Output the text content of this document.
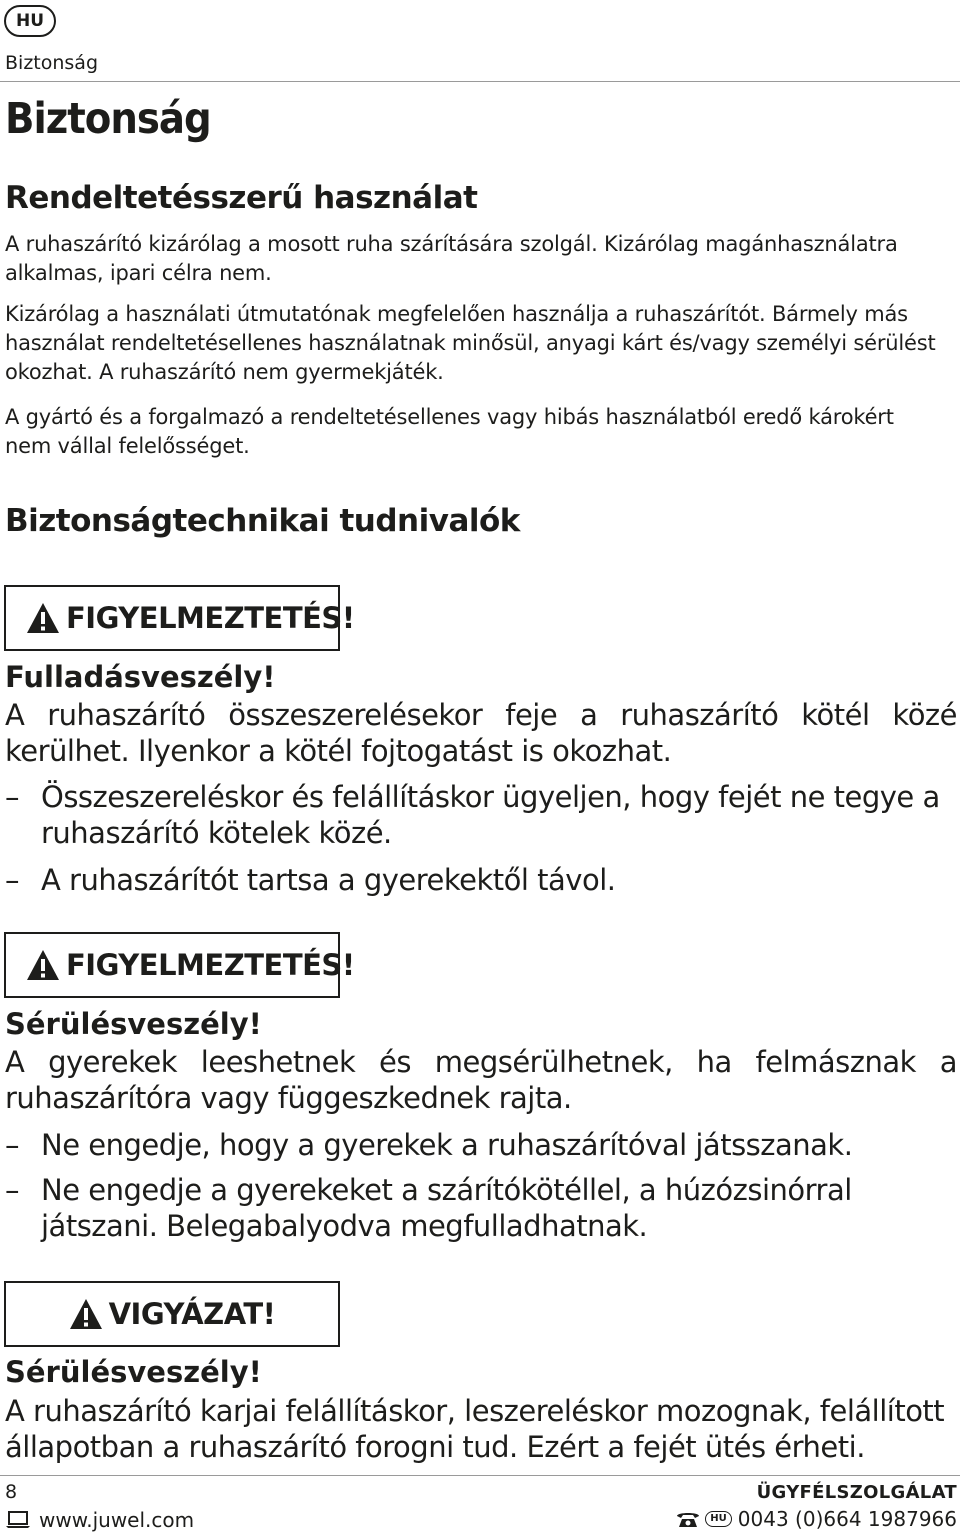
HU
Biztonság
Biztonság
Rendeltetésszerű használat

A ruhaszárító kizárólag a mosott ruha szárítására szolgál. Kizárólag magánhasználatra alkalmas, ipari célra nem.

Kizárólag a használati útmutatónak megfelelően használja a ruhaszárítót. Bármely más használat rendeltetésellenes használatnak minősül, anyagi kárt és/vagy személyi sérülést okozhat. A ruhaszárító nem gyermekjáték.

A gyártó és a forgalmazó a rendeltetésellenes vagy hibás használatból eredő károkért nem vállal felelősséget.

Biztonságtechnikai tudnivalók
FIGYELMEZTETÉS!

Fulladásveszély!

A ruhaszárító összeszerelésekor feje a ruhaszárító kötél közé kerülhet. Ilyenkor a kötél fojtogatást is okozhat.

– Összeszereléskor és felállításkor ügyeljen, hogy fejét ne tegye a ruhaszárító kötelek közé.
– A ruhaszárítót tartsa a gyerekektől távol.
FIGYELMEZTETÉS!

Sérülésveszély!

A gyerekek leeshetnek és megsérülhetnek, ha felmásznak a ruhaszárítóra vagy függeszkednek rajta.

– Ne engedje, hogy a gyerekek a ruhaszárítóval játsszanak.
– Ne engedje a gyerekeket a szárítókötéllel, a húzózsinórral játszani. Belegabalyodva megfulladhatnak.
VIGYÁZAT!

Sérülésveszély!

A ruhaszárító karjai felállításkor, leszereléskor mozognak, felállított állapotban a ruhaszárító forogni tud. Ezért a fejét ütés érheti.

8
www.juwel.com
ÜGYFÉLSZOLGÁLAT
HU 0043 (0)664 1987966
